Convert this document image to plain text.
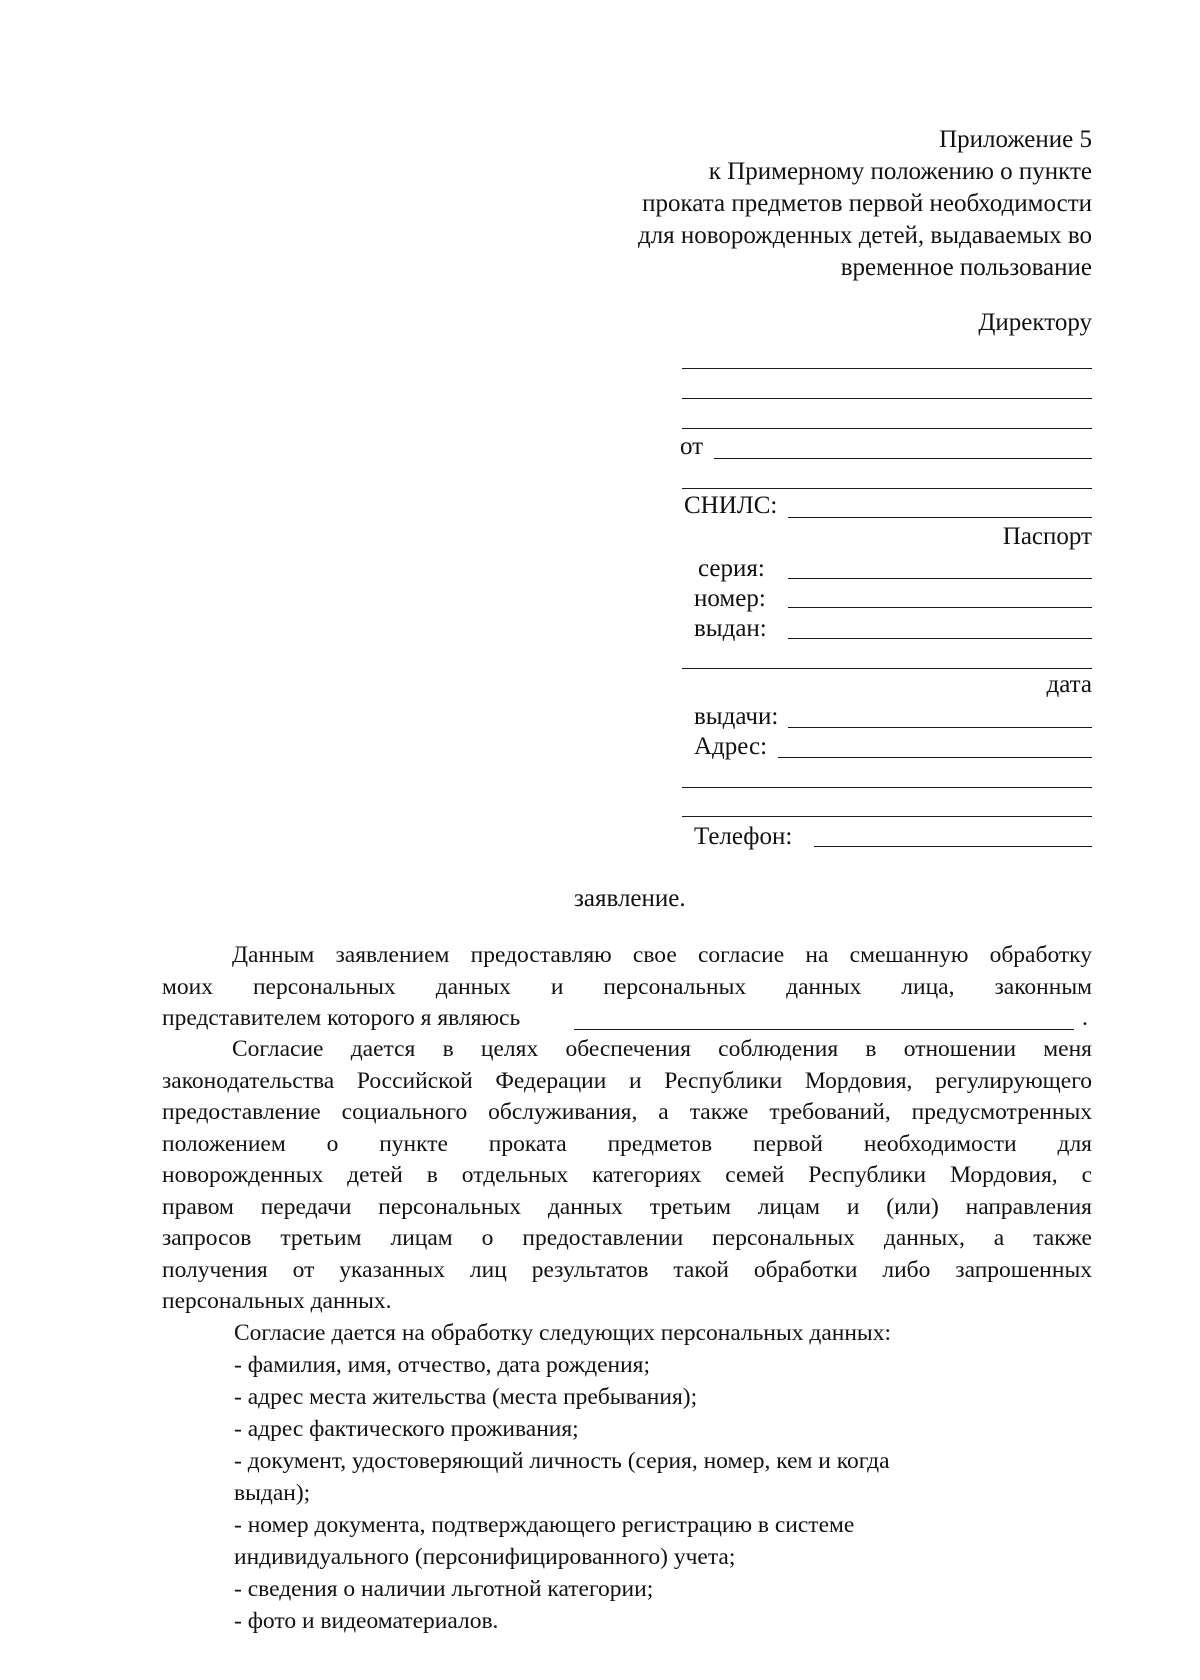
Приложение 5
к Примерному положению о пункте
проката предметов первой необходимости
для новорожденных детей, выдаваемых во
временное пользование
Директору
от
СНИЛС:
Паспорт
серия:
номер:
выдан:
дата
выдачи:
Адрес:
Телефон:
заявление.
Данным заявлением предоставляю свое согласие на смешанную обработку
моих персональных данных и персональных данных лица, законным
представителем которого я являюсь	.
Согласие дается в целях обеспечения соблюдения в отношении меня
законодательства Российской Федерации и Республики Мордовия, регулирующего
предоставление социального обслуживания, а также требований, предусмотренных
положением о пункте проката предметов первой необходимости для
новорожденных детей в отдельных категориях семей Республики Мордовия, с
правом передачи персональных данных третьим лицам и (или) направления
запросов третьим лицам о предоставлении персональных данных, а также
получения от указанных лиц результатов такой обработки либо запрошенных
персональных данных.
Согласие дается на обработку следующих персональных данных:
- фамилия, имя, отчество, дата рождения;
- адрес места жительства (места пребывания);
- адрес фактического проживания;
- документ, удостоверяющий личность (серия, номер, кем и когда
выдан);
- номер документа, подтверждающего регистрацию в системе
индивидуального (персонифицированного) учета;
- сведения о наличии льготной категории;
- фото и видеоматериалов.
